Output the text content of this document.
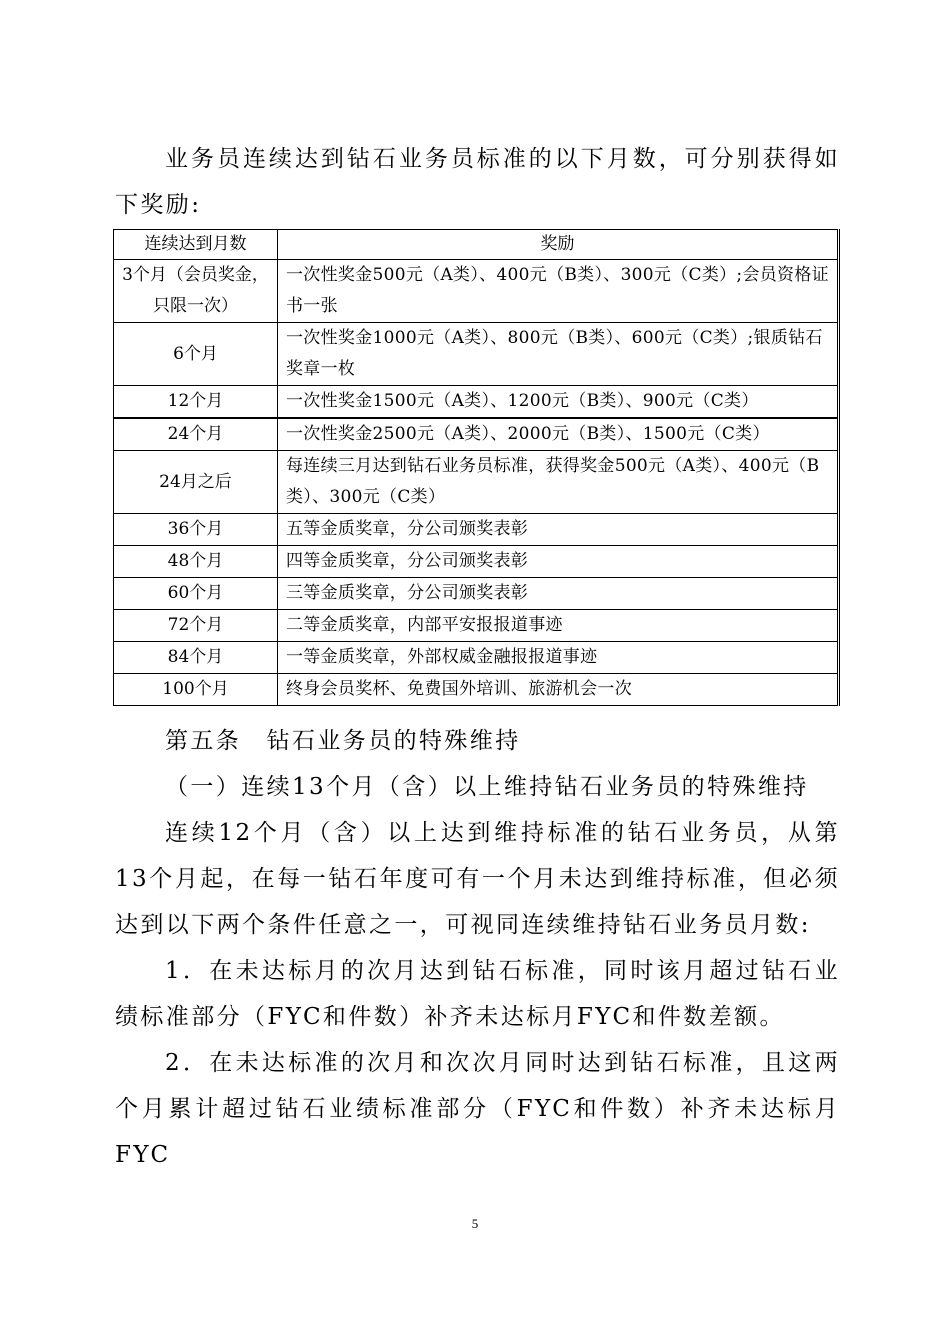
业务员连续达到钻石业务员标准的以下月数，可分别获得如下奖励:

连续达到月数	奖励
3个月（会员奖金，只限一次）	一次性奖金500元（A类）、400元（B类）、300元（C类）;会员资格证书一张
6个月	一次性奖金1000元（A类）、800元（B类）、600元（C类）;银质钻石奖章一枚
12个月	一次性奖金1500元（A类）、1200元（B类）、900元（C类）
24个月	一次性奖金2500元（A类）、2000元（B类）、1500元（C类）
24月之后	每连续三月达到钻石业务员标准，获得奖金500元（A类）、400元（B类）、300元（C类）
36个月	五等金质奖章，分公司颁奖表彰
48个月	四等金质奖章，分公司颁奖表彰
60个月	三等金质奖章，分公司颁奖表彰
72个月	二等金质奖章，内部平安报报道事迹
84个月	一等金质奖章，外部权威金融报报道事迹
100个月	终身会员奖杯、免费国外培训、旅游机会一次

第五条　钻石业务员的特殊维持

（一）连续13个月（含）以上维持钻石业务员的特殊维持

连续12个月（含）以上达到维持标准的钻石业务员，从第13个月起，在每一钻石年度可有一个月未达到维持标准，但必须达到以下两个条件任意之一，可视同连续维持钻石业务员月数:

1．在未达标月的次月达到钻石标准，同时该月超过钻石业绩标准部分（FYC和件数）补齐未达标月FYC和件数差额。

2．在未达标准的次月和次次月同时达到钻石标准，且这两个月累计超过钻石业绩标准部分（FYC和件数）补齐未达标月FYC

5
